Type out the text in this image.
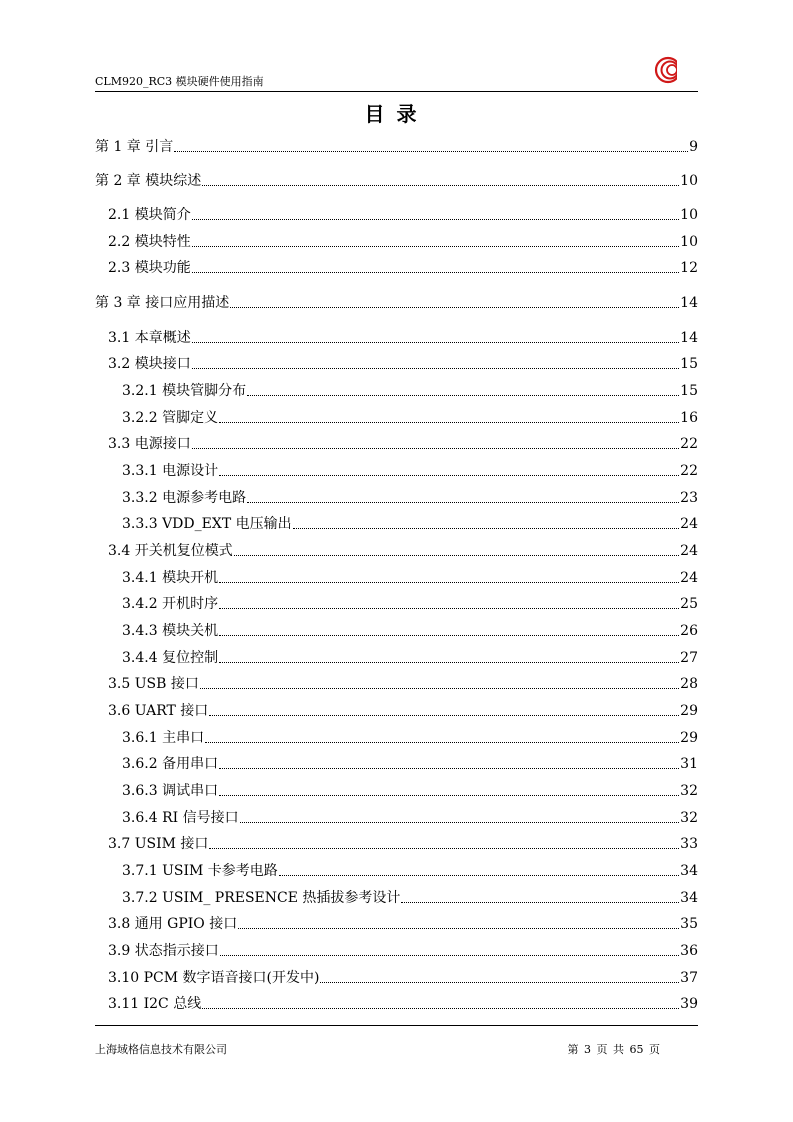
CLM920_RC3 模块硬件使用指南
目录
第 1 章 引言	9
第 2 章 模块综述	10
2.1 模块简介	10
2.2 模块特性	10
2.3 模块功能	12
第 3 章 接口应用描述	14
3.1 本章概述	14
3.2 模块接口	15
3.2.1 模块管脚分布	15
3.2.2 管脚定义	16
3.3 电源接口	22
3.3.1 电源设计	22
3.3.2 电源参考电路	23
3.3.3 VDD_EXT 电压输出	24
3.4 开关机复位模式	24
3.4.1 模块开机	24
3.4.2 开机时序	25
3.4.3 模块关机	26
3.4.4 复位控制	27
3.5 USB 接口	28
3.6 UART 接口	29
3.6.1 主串口	29
3.6.2 备用串口	31
3.6.3 调试串口	32
3.6.4 RI 信号接口	32
3.7 USIM 接口	33
3.7.1 USIM 卡参考电路	34
3.7.2 USIM_ PRESENCE 热插拔参考设计	34
3.8 通用 GPIO 接口	35
3.9 状态指示接口	36
3.10 PCM 数字语音接口(开发中)	37
3.11 I2C 总线	39
上海域格信息技术有限公司	第 3 页 共 65 页
